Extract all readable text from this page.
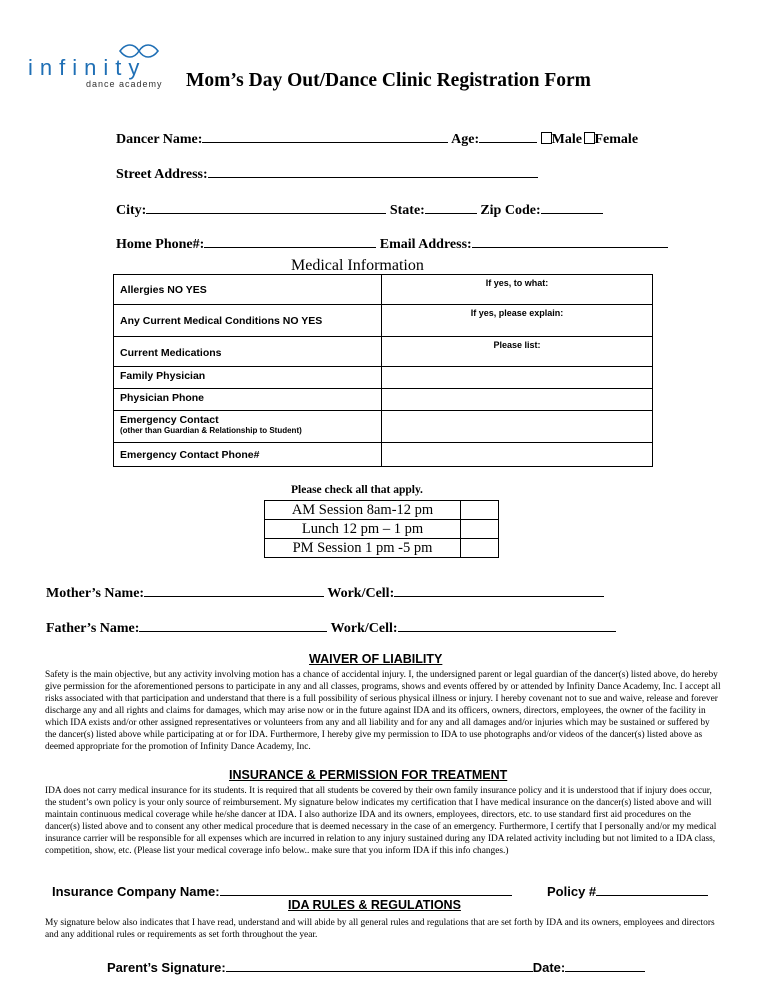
infinity
dance academy Mom’s Day Out/Dance Clinic Registration Form
Dancer Name:	Age:	Male Female
Street Address:
City:	State:	Zip Code:
Home Phone#:	Email Address:
Medical Information
Allergies NO YES	If yes, to what:
Any Current Medical Conditions NO YES	If yes, please explain:
Current Medications	Please list:
Family Physician	
Physician Phone	

Emergency Contact
(other than Guardian & Relationship to Student)	

Emergency Contact Phone#	
Please check all that apply.
AM Session 8am-12 pm	
Lunch 12 pm – 1 pm	
PM Session 1 pm -5 pm	
Mother’s Name:	Work/Cell:
Father’s Name:	Work/Cell:
WAIVER OF LIABILITY
Safety is the main objective, but any activity involving motion has a chance of accidental injury. I, the undersigned parent or legal guardian of the dancer(s) listed above, do hereby give permission for the aforementioned persons to participate in any and all classes, programs, shows and events offered by or attended by Infinity Dance Academy, Inc. I accept all risks associated with that participation and understand that there is a full possibility of serious physical illness or injury. I hereby covenant not to sue and waive, release and forever discharge any and all rights and claims for damages, which may arise now or in the future against IDA and its officers, owners, directors, employees, the owner of the facility in which IDA exists and/or other assigned representatives or volunteers from any and all liability and for any and all damages and/or injuries which may be sustained or suffered by the dancer(s) listed above while participating at or for IDA. Furthermore, I hereby give my permission to IDA to use photographs and/or videos of the dancer(s) listed above as deemed appropriate for the promotion of Infinity Dance Academy, Inc.
INSURANCE & PERMISSION FOR TREATMENT
IDA does not carry medical insurance for its students. It is required that all students be covered by their own family insurance policy and it is understood that if injury does occur, the student’s own policy is your only source of reimbursement. My signature below indicates my certification that I have medical insurance on the dancer(s) listed above and will maintain continuous medical coverage while he/she dancer at IDA. I also authorize IDA and its owners, employees, directors, etc. to use standard first aid procedures on the dancer(s) listed above and to consent any other medical procedure that is deemed necessary in the case of an emergency. Furthermore, I certify that I personally and/or my medical insurance carrier will be responsible for all expenses which are incurred in relation to any injury sustained during any IDA related activity including but not limited to a IDA class, competition, show, etc. (Please list your medical coverage info below.. make sure that you inform IDA if this info changes.)
Insurance Company Name:	Policy #
IDA RULES & REGULATIONS
My signature below also indicates that I have read, understand and will abide by all general rules and regulations that are set forth by IDA and its owners, employees and directors and any additional rules or requirements as set forth throughout the year.
Parent’s Signature:	Date:
